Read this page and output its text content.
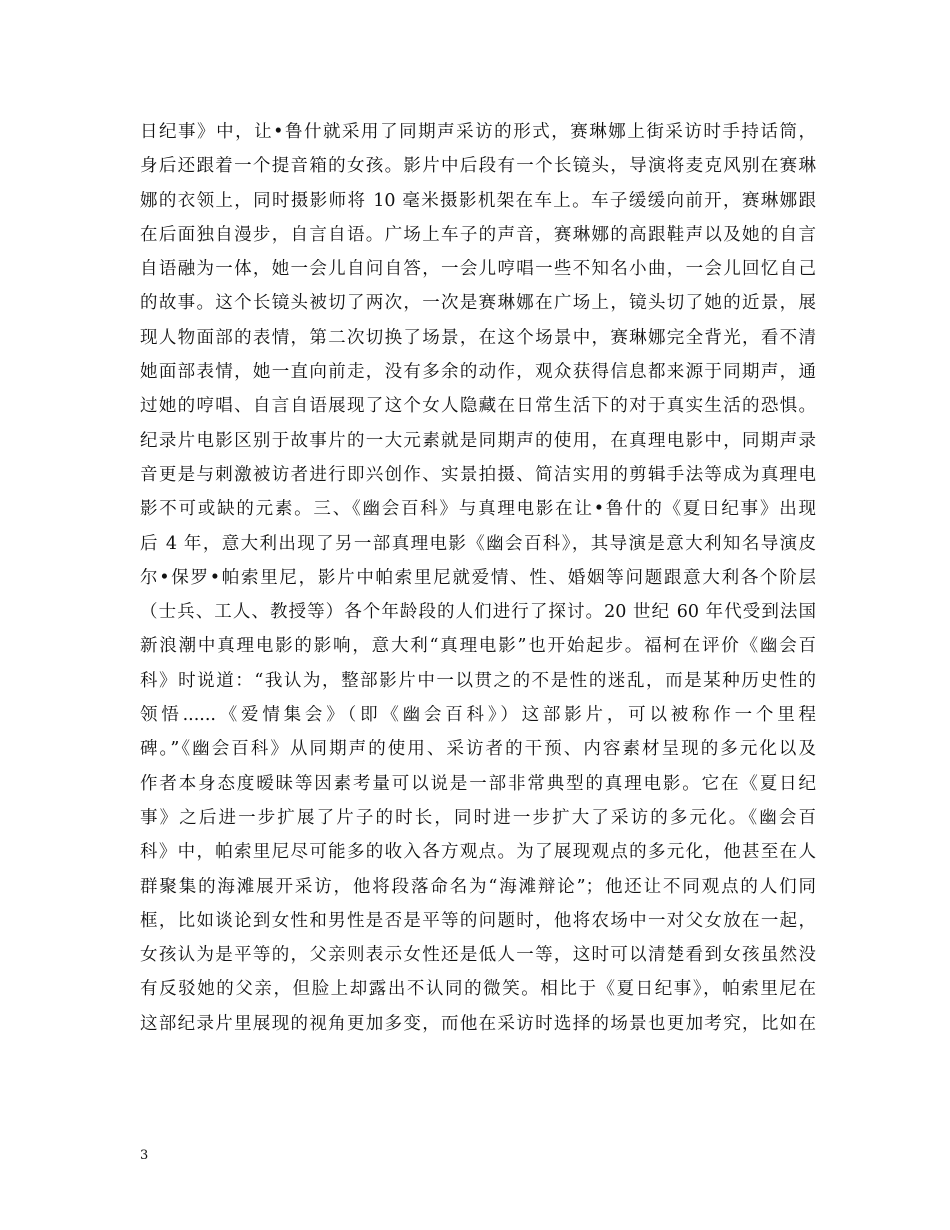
日纪事》中，让•鲁什就采用了同期声采访的形式，赛琳娜上街采访时手持话筒，
身后还跟着一个提音箱的女孩。影片中后段有一个长镜头，导演将麦克风别在赛琳
娜的衣领上，同时摄影师将 10 毫米摄影机架在车上。车子缓缓向前开，赛琳娜跟
在后面独自漫步，自言自语。广场上车子的声音，赛琳娜的高跟鞋声以及她的自言
自语融为一体，她一会儿自问自答，一会儿哼唱一些不知名小曲，一会儿回忆自己
的故事。这个长镜头被切了两次，一次是赛琳娜在广场上，镜头切了她的近景，展
现人物面部的表情，第二次切换了场景，在这个场景中，赛琳娜完全背光，看不清
她面部表情，她一直向前走，没有多余的动作，观众获得信息都来源于同期声，通
过她的哼唱、自言自语展现了这个女人隐藏在日常生活下的对于真实生活的恐惧。
纪录片电影区别于故事片的一大元素就是同期声的使用，在真理电影中，同期声录
音更是与刺激被访者进行即兴创作、实景拍摄、简洁实用的剪辑手法等成为真理电
影不可或缺的元素。三、《幽会百科》与真理电影在让•鲁什的《夏日纪事》出现
后 4 年，意大利出现了另一部真理电影《幽会百科》，其导演是意大利知名导演皮
尔•保罗•帕索里尼，影片中帕索里尼就爱情、性、婚姻等问题跟意大利各个阶层
（士兵、工人、教授等）各个年龄段的人们进行了探讨。20 世纪 60 年代受到法国
新浪潮中真理电影的影响，意大利“真理电影”也开始起步。福柯在评价《幽会百
科》时说道：“我认为，整部影片中一以贯之的不是性的迷乱，而是某种历史性的
领悟......《爱情集会》（即《幽会百科》）这部影片，可以被称作一个里程
碑。”《幽会百科》从同期声的使用、采访者的干预、内容素材呈现的多元化以及
作者本身态度暧昧等因素考量可以说是一部非常典型的真理电影。它在《夏日纪
事》之后进一步扩展了片子的时长，同时进一步扩大了采访的多元化。《幽会百
科》中，帕索里尼尽可能多的收入各方观点。为了展现观点的多元化，他甚至在人
群聚集的海滩展开采访，他将段落命名为“海滩辩论”；他还让不同观点的人们同
框，比如谈论到女性和男性是否是平等的问题时，他将农场中一对父女放在一起，
女孩认为是平等的，父亲则表示女性还是低人一等，这时可以清楚看到女孩虽然没
有反驳她的父亲，但脸上却露出不认同的微笑。相比于《夏日纪事》，帕索里尼在
这部纪录片里展现的视角更加多变，而他在采访时选择的场景也更加考究，比如在
3
